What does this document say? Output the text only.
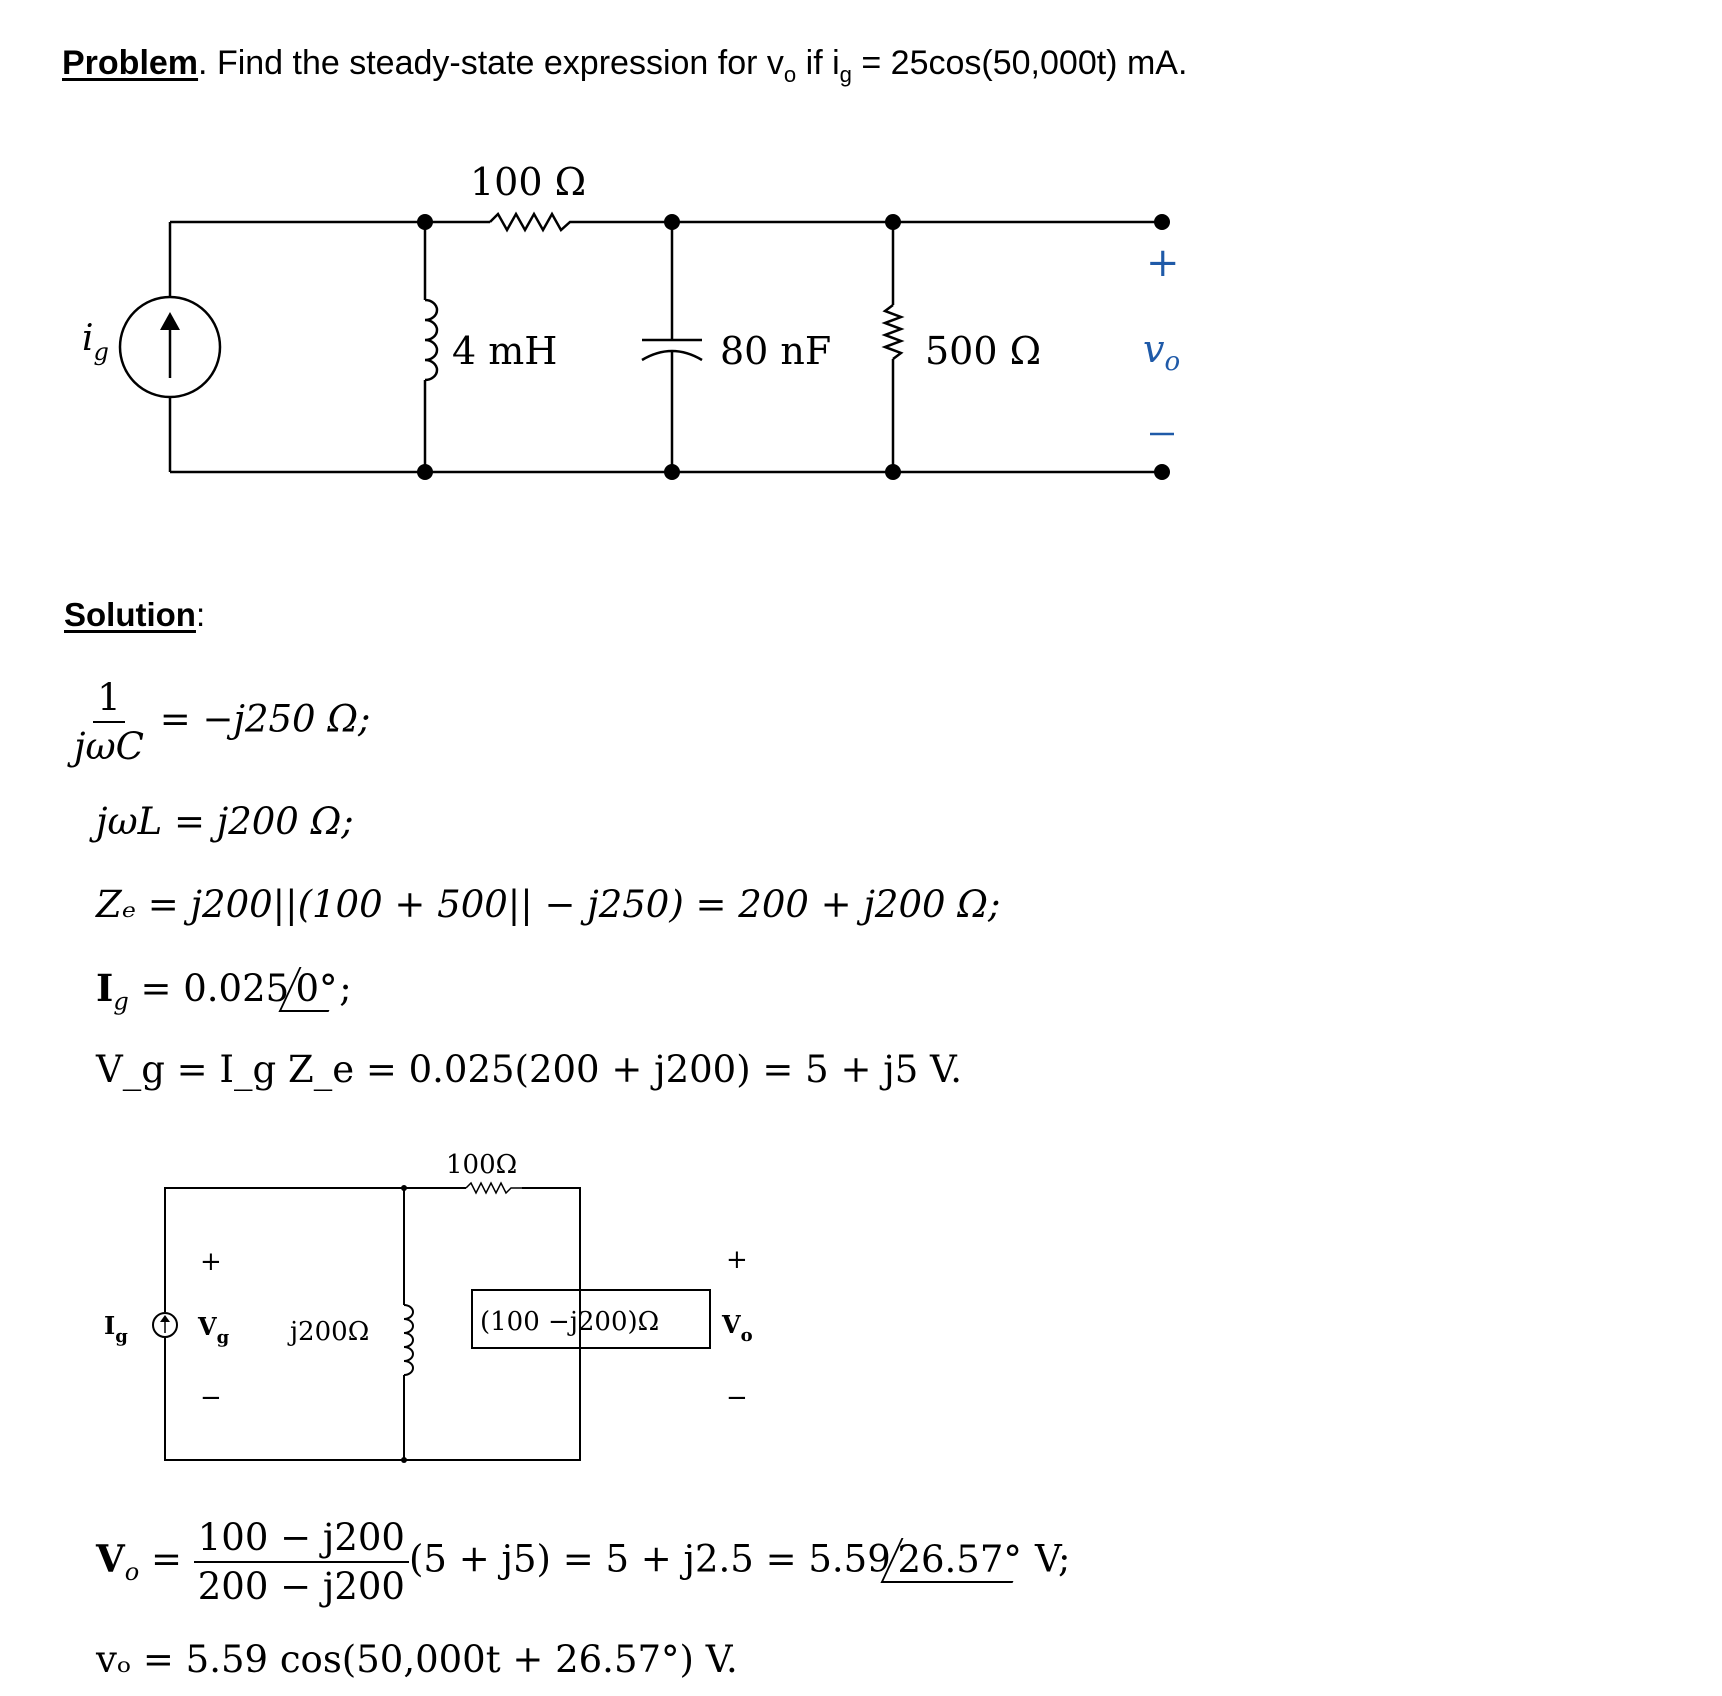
Problem. Find the steady-state expression for $v_o$ if $i_g = 25\cos(50,000t)$ mA.
$i_g$
100 Ω
4 mH	80 nF 500 Ω
+
$v_o$
Solution:
$\frac{1}{\text{jωC}} = -j250$ Ω;
jωL = j200 Ω;
Zₑ = j200||(100 + 500|| − j250) = 200 + j200 Ω;
$I_g = 0.025$ 0°;
V_g = I_g Z_e = 0.025(200 + j200) = 5 + j5 V.
100Ω
$I_g$	$V_g$
+
−
j200Ω	(100 −j200)Ω
+
$V_o$
−
$V_o = \frac{100 - j200}{200 - j200} (5 + j5) = 5 + j2.5 = 5.59$ 26.57° V;
vₒ = 5.59 cos(50,000t + 26.57°) V.
